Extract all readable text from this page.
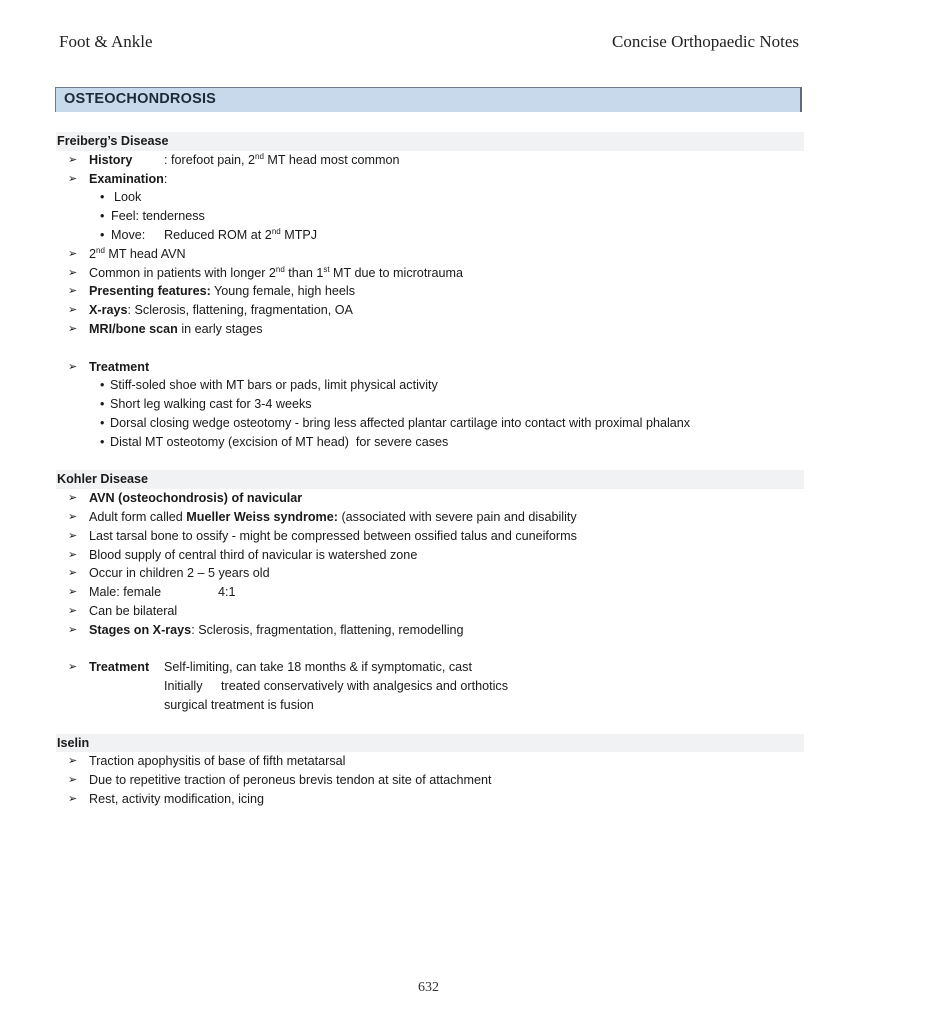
Foot & Ankle	Concise Orthopaedic Notes
OSTEOCHONDROSIS
Freiberg’s Disease
➢ History	: forefoot pain, 2nd MT head most common
➢ Examination:
• Look
• Feel: tenderness
• Move: Reduced ROM at 2nd MTPJ
➢ 2nd MT head AVN
➢ Common in patients with longer 2nd than 1st MT due to microtrauma
➢ Presenting features: Young female, high heels
➢ X-rays: Sclerosis, flattening, fragmentation, OA
➢ MRI/bone scan in early stages
➢ Treatment
• Stiff-soled shoe with MT bars or pads, limit physical activity
• Short leg walking cast for 3-4 weeks
• Dorsal closing wedge osteotomy - bring less affected plantar cartilage into contact with proximal phalanx
• Distal MT osteotomy (excision of MT head)  for severe cases
Kohler Disease
➢ AVN (osteochondrosis) of navicular
➢ Adult form called Mueller Weiss syndrome: (associated with severe pain and disability
➢ Last tarsal bone to ossify - might be compressed between ossified talus and cuneiforms
➢ Blood supply of central third of navicular is watershed zone
➢ Occur in children 2 – 5 years old
➢ Male: female	4:1
➢ Can be bilateral
➢ Stages on X-rays: Sclerosis, fragmentation, flattening, remodelling
➢ Treatment Self-limiting, can take 18 months & if symptomatic, cast
Initially treated conservatively with analgesics and orthotics
surgical treatment is fusion
Iselin
➢ Traction apophysitis of base of fifth metatarsal
➢ Due to repetitive traction of peroneus brevis tendon at site of attachment
➢ Rest, activity modification, icing
632
